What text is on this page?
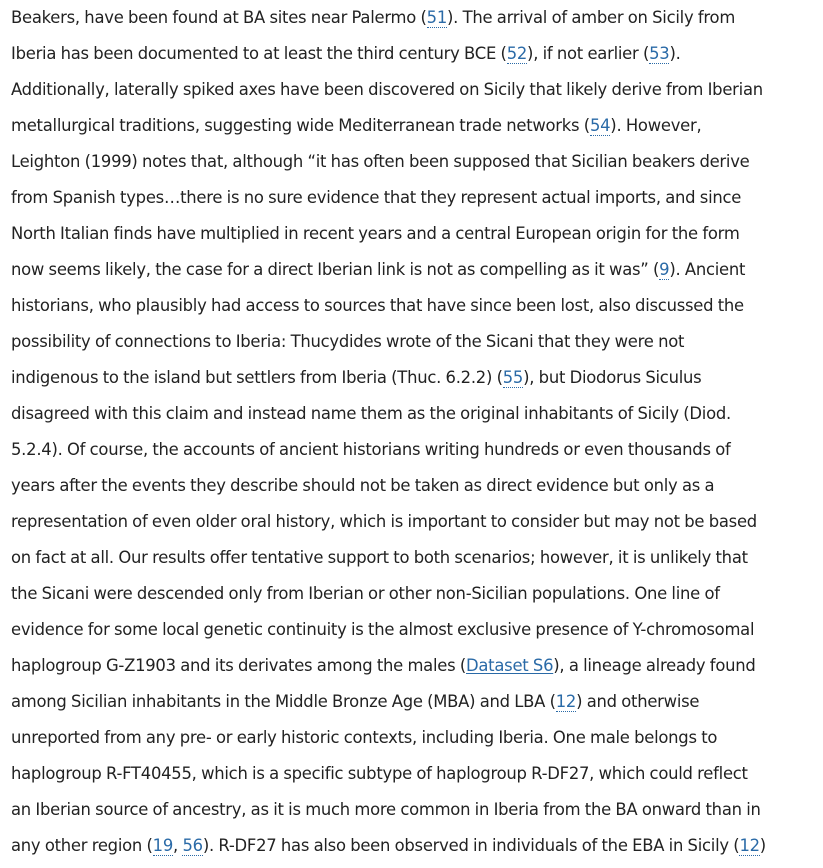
Beakers, have been found at BA sites near Palermo (51). The arrival of amber on Sicily from
Iberia has been documented to at least the third century BCE (52), if not earlier (53).
Additionally, laterally spiked axes have been discovered on Sicily that likely derive from Iberian
metallurgical traditions, suggesting wide Mediterranean trade networks (54). However,
Leighton (1999) notes that, although “it has often been supposed that Sicilian beakers derive
from Spanish types…there is no sure evidence that they represent actual imports, and since
North Italian finds have multiplied in recent years and a central European origin for the form
now seems likely, the case for a direct Iberian link is not as compelling as it was” (9). Ancient
historians, who plausibly had access to sources that have since been lost, also discussed the
possibility of connections to Iberia: Thucydides wrote of the Sicani that they were not
indigenous to the island but settlers from Iberia (Thuc. 6.2.2) (55), but Diodorus Siculus
disagreed with this claim and instead name them as the original inhabitants of Sicily (Diod.
5.2.4). Of course, the accounts of ancient historians writing hundreds or even thousands of
years after the events they describe should not be taken as direct evidence but only as a
representation of even older oral history, which is important to consider but may not be based
on fact at all. Our results offer tentative support to both scenarios; however, it is unlikely that
the Sicani were descended only from Iberian or other non-Sicilian populations. One line of
evidence for some local genetic continuity is the almost exclusive presence of Y-chromosomal
haplogroup G-Z1903 and its derivates among the males (Dataset S6), a lineage already found
among Sicilian inhabitants in the Middle Bronze Age (MBA) and LBA (12) and otherwise
unreported from any pre- or early historic contexts, including Iberia. One male belongs to
haplogroup R-FT40455, which is a specific subtype of haplogroup R-DF27, which could reflect
an Iberian source of ancestry, as it is much more common in Iberia from the BA onward than in
any other region (19, 56). R-DF27 has also been observed in individuals of the EBA in Sicily (12)
